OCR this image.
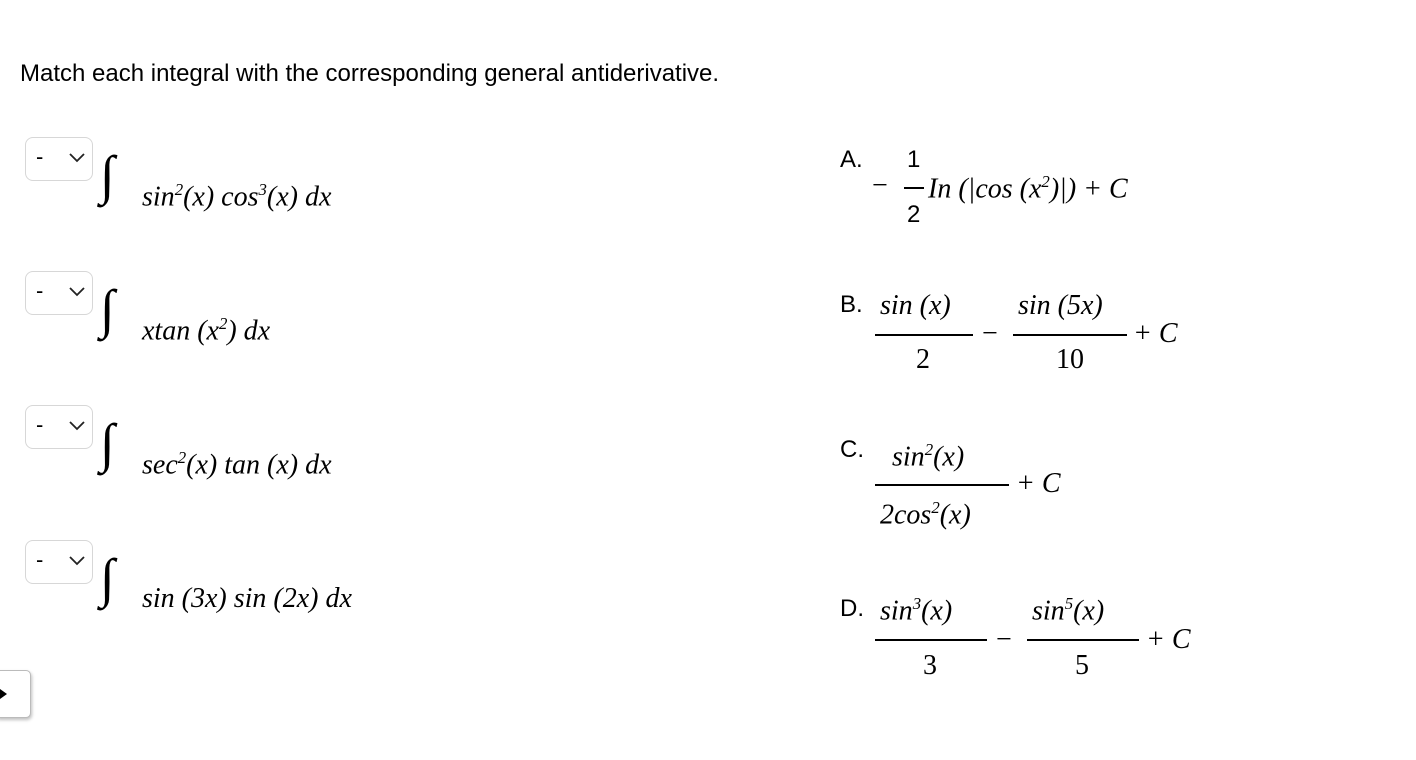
Match each integral with the corresponding general antiderivative.
-
-
-
-
∫ $\sin^2(x)$ $\cos^3(x)$ dx
∫ xtan $(x^2)$ dx
∫ $\sec^2(x)$ tan (x) dx
∫ sin (3x) sin (2x) dx
A.
−
1
2
In (|cos $(x^2)|) + C$
B. sin (x)
2
−
sin (5x)
10
+ C
C. $\sin^2(x)$
$2\cos^2(x)$
+ C
D. $\sin^3(x)$
3
−
$\sin^5(x)$
5
+ C
